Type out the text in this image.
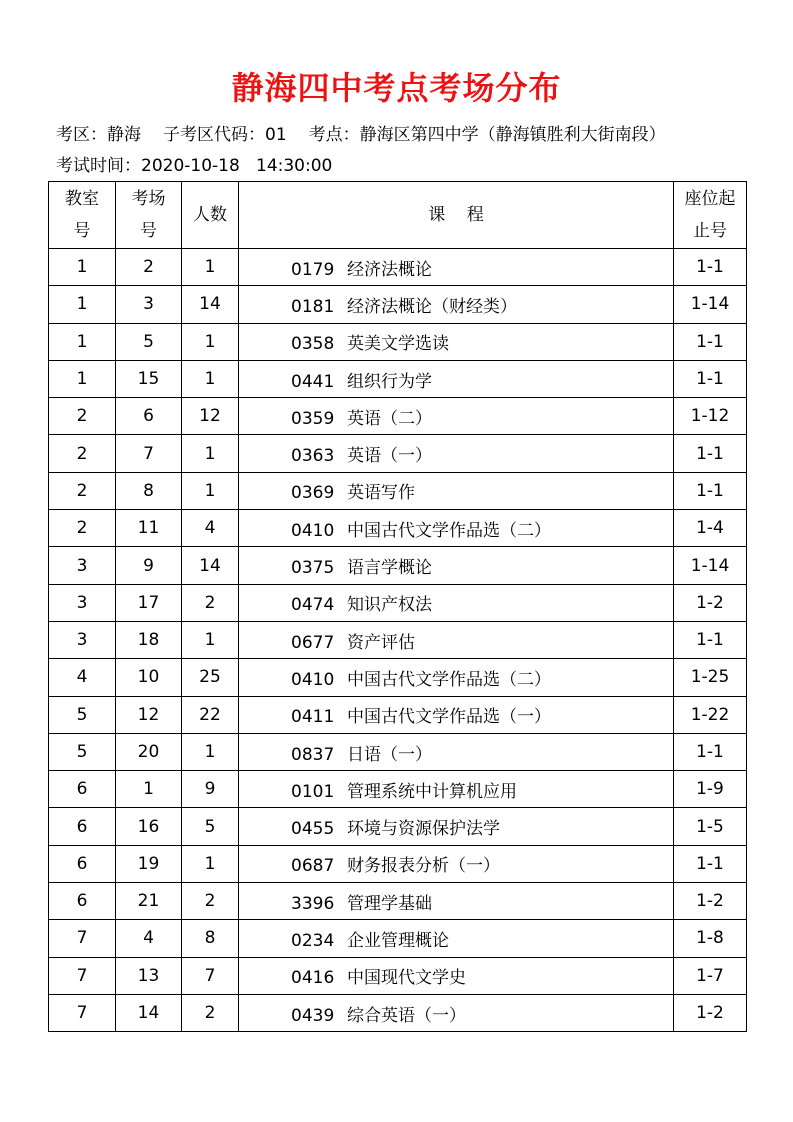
静海四中考点考场分布
考区：静海 子考区代码：01 考点：静海区第四中学（静海镇胜利大街南段）
考试时间：2020-10-18   14:30:00
教室号	考场号	人数	课    程	座位起止号
1	2	1	0179 经济法概论	1-1
1	3	14	0181 经济法概论（财经类）	1-14
1	5	1	0358 英美文学选读	1-1
1	15	1	0441 组织行为学	1-1
2	6	12	0359 英语（二）	1-12
2	7	1	0363 英语（一）	1-1
2	8	1	0369 英语写作	1-1
2	11	4	0410 中国古代文学作品选（二）	1-4
3	9	14	0375 语言学概论	1-14
3	17	2	0474 知识产权法	1-2
3	18	1	0677 资产评估	1-1
4	10	25	0410 中国古代文学作品选（二）	1-25
5	12	22	0411 中国古代文学作品选（一）	1-22
5	20	1	0837 日语（一）	1-1
6	1	9	0101 管理系统中计算机应用	1-9
6	16	5	0455 环境与资源保护法学	1-5
6	19	1	0687 财务报表分析（一）	1-1
6	21	2	3396 管理学基础	1-2
7	4	8	0234 企业管理概论	1-8
7	13	7	0416 中国现代文学史	1-7
7	14	2	0439 综合英语（一）	1-2
